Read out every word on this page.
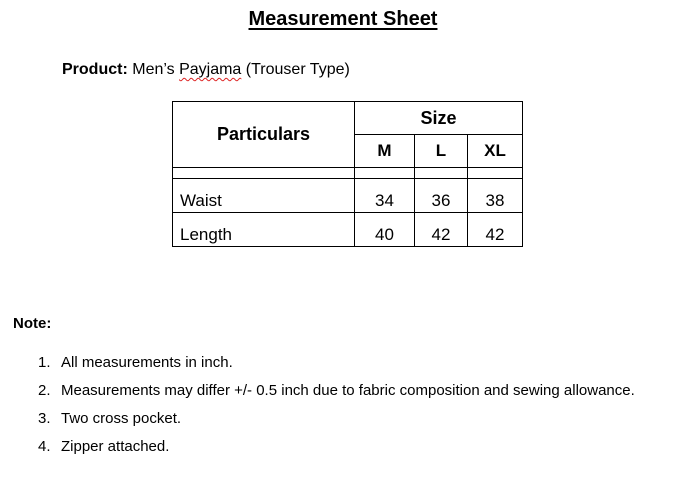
Measurement Sheet
Product: Men’s Payjama (Trouser Type)
Particulars	Size		
	M	L	XL

Waist	34	36	38
Length	40	42	42
Note:
1. All measurements in inch.
2. Measurements may differ +/- 0.5 inch due to fabric composition and sewing allowance.
3. Two cross pocket.
4. Zipper attached.
